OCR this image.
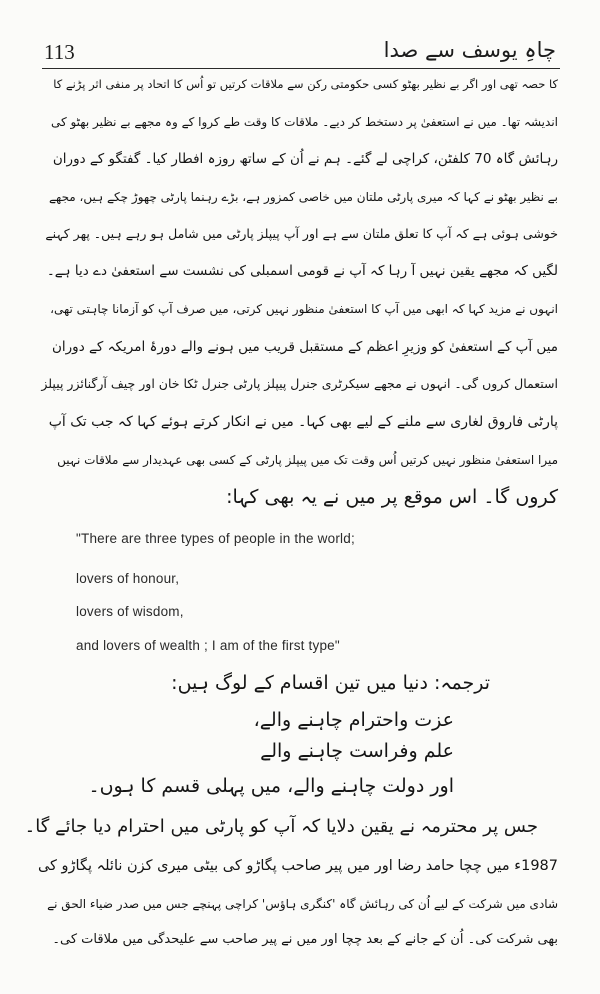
113	چاہِ یوسف سے صدا
کا حصہ تھی اور اگر بے نظیر بھٹو کسی حکومتی رکن سے ملاقات کرتیں تو اُس کا اتحاد پر منفی اثر پڑنے کا
اندیشہ تھا۔ میں نے استعفیٰ پر دستخط کر دیے۔ ملاقات کا وقت طے کروا کے وہ مجھے بے نظیر بھٹو کی
رہائش گاہ 70 کلفٹن، کراچی لے گئے۔ ہم نے اُن کے ساتھ روزہ افطار کیا۔ گفتگو کے دوران
بے نظیر بھٹو نے کہا کہ میری پارٹی ملتان میں خاصی کمزور ہے، بڑے رہنما پارٹی چھوڑ چکے ہیں، مجھے
خوشی ہوئی ہے کہ آپ کا تعلق ملتان سے ہے اور آپ پیپلز پارٹی میں شامل ہو رہے ہیں۔ پھر کہنے
لگیں کہ مجھے یقین نہیں آ رہا کہ آپ نے قومی اسمبلی کی نشست سے استعفیٰ دے دیا ہے۔
انہوں نے مزید کہا کہ ابھی میں آپ کا استعفیٰ منظور نہیں کرتی، میں صرف آپ کو آزمانا چاہتی تھی،
میں آپ کے استعفیٰ کو وزیرِ اعظم کے مستقبل قریب میں ہونے والے دورۂ امریکہ کے دوران
استعمال کروں گی۔ انہوں نے مجھے سیکرٹری جنرل پیپلز پارٹی جنرل ٹکا خان اور چیف آرگنائزر پیپلز
پارٹی فاروق لغاری سے ملنے کے لیے بھی کہا۔ میں نے انکار کرتے ہوئے کہا کہ جب تک آپ
میرا استعفیٰ منظور نہیں کرتیں اُس وقت تک میں پیپلز پارٹی کے کسی بھی عہدیدار سے ملاقات نہیں
کروں گا۔ اس موقع پر میں نے یہ بھی کہا:
"There are three types of people in the world;
lovers of honour,
lovers of wisdom,
and lovers of wealth ; I am of the first type"
ترجمہ: دنیا میں تین اقسام کے لوگ ہیں:
عزت واحترام چاہنے والے،
علم وفراست چاہنے والے
اور دولت چاہنے والے، میں پہلی قسم کا ہوں۔
جس پر محترمہ نے یقین دلایا کہ آپ کو پارٹی میں احترام دیا جائے گا۔
1987ء میں چچا حامد رضا اور میں پیر صاحب پگاڑو کی بیٹی میری کزن نائلہ پگاڑو کی
شادی میں شرکت کے لیے اُن کی رہائش گاہ 'کنگری ہاؤس' کراچی پہنچے جس میں صدر ضیاء الحق نے
بھی شرکت کی۔ اُن کے جانے کے بعد چچا اور میں نے پیر صاحب سے علیحدگی میں ملاقات کی۔
